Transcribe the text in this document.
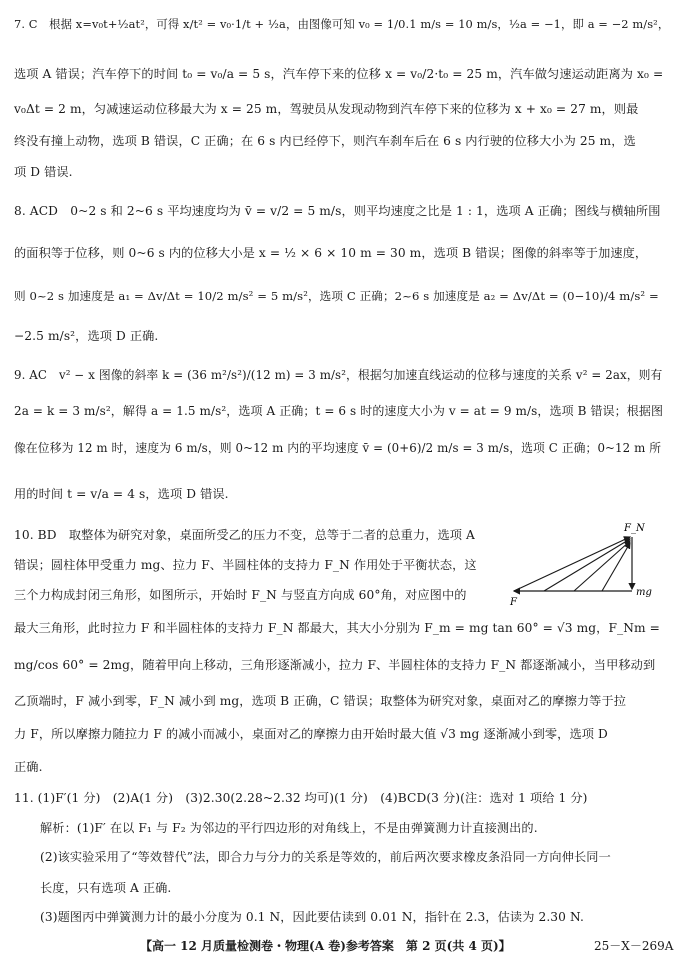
7. C　根据 x=v₀t+½at²，可得 x/t² = v₀·1/t + ½a，由图像可知 v₀ = 1/0.1 m/s = 10 m/s，½a = −1，即 a = −2 m/s²，
选项 A 错误；汽车停下的时间 t₀ = v₀/a = 5 s，汽车停下来的位移 x = v₀/2·t₀ = 25 m，汽车做匀速运动距离为 x₀ =
v₀Δt = 2 m，匀减速运动位移最大为 x = 25 m，驾驶员从发现动物到汽车停下来的位移为 x + x₀ = 27 m，则最
终没有撞上动物，选项 B 错误，C 正确；在 6 s 内已经停下，则汽车刹车后在 6 s 内行驶的位移大小为 25 m，选
项 D 错误.
8. ACD　0~2 s 和 2~6 s 平均速度均为 v̄ = v/2 = 5 m/s，则平均速度之比是 1 : 1，选项 A 正确；图线与横轴所围
的面积等于位移，则 0~6 s 内的位移大小是 x = ½ × 6 × 10 m = 30 m，选项 B 错误；图像的斜率等于加速度，
则 0~2 s 加速度是 a₁ = Δv/Δt = 10/2 m/s² = 5 m/s²，选项 C 正确；2~6 s 加速度是 a₂ = Δv/Δt = (0−10)/4 m/s² =
−2.5 m/s²，选项 D 正确.
9. AC　v² − x 图像的斜率 k = (36 m²/s²)/(12 m) = 3 m/s²，根据匀加速直线运动的位移与速度的关系 v² = 2ax，则有
2a = k = 3 m/s²，解得 a = 1.5 m/s²，选项 A 正确；t = 6 s 时的速度大小为 v = at = 9 m/s，选项 B 错误；根据图
像在位移为 12 m 时，速度为 6 m/s，则 0~12 m 内的平均速度 v̄ = (0+6)/2 m/s = 3 m/s，选项 C 正确；0~12 m 所
用的时间 t = v/a = 4 s，选项 D 错误.
10. BD　取整体为研究对象，桌面所受乙的压力不变，总等于二者的总重力，选项 A
错误；圆柱体甲受重力 mg、拉力 F、半圆柱体的支持力 F_N 作用处于平衡状态，这
三个力构成封闭三角形，如图所示，开始时 F_N 与竖直方向成 60°角，对应图中的
最大三角形，此时拉力 F 和半圆柱体的支持力 F_N 都最大，其大小分别为 F_m = mg tan 60° = √3 mg，F_Nm =
mg/cos 60° = 2mg，随着甲向上移动，三角形逐渐减小，拉力 F、半圆柱体的支持力 F_N 都逐渐减小，当甲移动到
乙顶端时，F 减小到零，F_N 减小到 mg，选项 B 正确，C 错误；取整体为研究对象，桌面对乙的摩擦力等于拉
力 F，所以摩擦力随拉力 F 的减小而减小，桌面对乙的摩擦力由开始时最大值 √3 mg 逐渐减小到零，选项 D
正确.
F_N
F
mg
11. (1)F′(1 分)　(2)A(1 分)　(3)2.30(2.28~2.32 均可)(1 分)　(4)BCD(3 分)(注：选对 1 项给 1 分)
解析：(1)F′ 在以 F₁ 与 F₂ 为邻边的平行四边形的对角线上，不是由弹簧测力计直接测出的.
(2)该实验采用了“等效替代”法，即合力与分力的关系是等效的，前后两次要求橡皮条沿同一方向伸长同一
长度，只有选项 A 正确.
(3)题图丙中弹簧测力计的最小分度为 0.1 N，因此要估读到 0.01 N，指针在 2.3，估读为 2.30 N.
【高一 12 月质量检测卷・物理(A 卷)参考答案　第 2 页(共 4 页)】	25－X－269A
